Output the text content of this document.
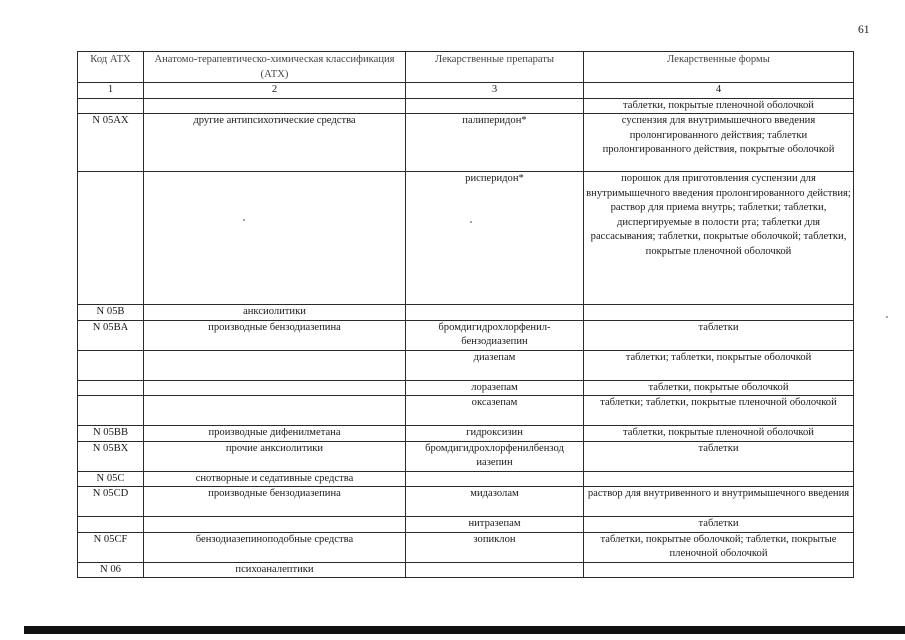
61
Код АТХ	Анатомо-терапевтическо-химическая классификация (АТХ)	Лекарственные препараты	Лекарственные формы
1	2	3	4
			таблетки, покрытые пленочной оболочкой
N 05AX	другие антипсихотические средства	палиперидон*	суспензия для внутримышечного введения пролонгированного действия; таблетки пролонгированного действия, покрытые оболочкой
		рисперидон*	порошок для приготовления суспензии для внутримышечного введения пролонгированного действия; раствор для приема внутрь; таблетки; таблетки, диспергируемые в полости рта; таблетки для рассасывания; таблетки, покрытые оболочкой; таблетки, покрытые пленочной оболочкой
N 05B	анксиолитики		
N 05BA	производные бензодиазепина	бромдигидрохлорфенил-бензодиазепин	таблетки
		диазепам	таблетки; таблетки, покрытые оболочкой
		лоразепам	таблетки, покрытые оболочкой
		оксазепам	таблетки; таблетки, покрытые пленочной оболочкой
N 05BB	производные дифенилметана	гидроксизин	таблетки, покрытые пленочной оболочкой
N 05BX	прочие анксиолитики	бромдигидрохлорфенилбензод иазепин	таблетки
N 05C	снотворные и седативные средства		
N 05CD	производные бензодиазепина	мидазолам	раствор для внутривенного и внутримышечного введения
		нитразепам	таблетки
N 05CF	бензодиазепиноподобные средства	зопиклон	таблетки, покрытые оболочкой; таблетки, покрытые пленочной оболочкой
N 06	психоаналептики		
